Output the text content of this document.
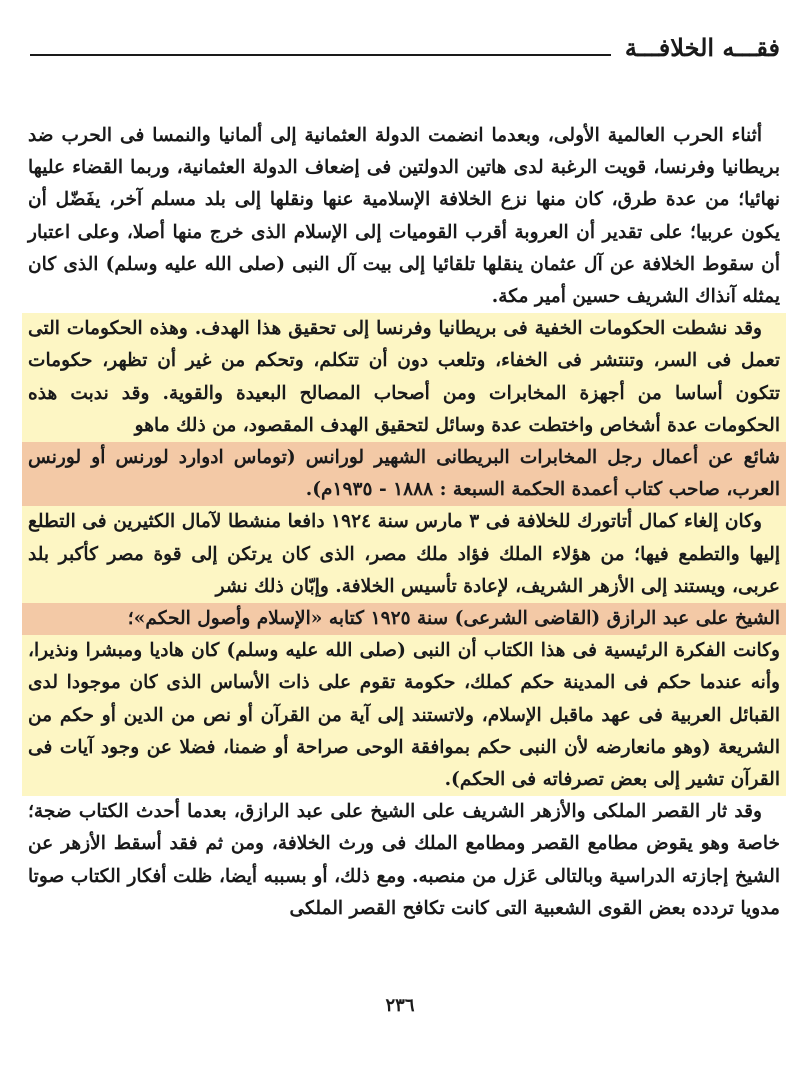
فقـــه الخلافـــة

أثناء الحرب العالمية الأولى، وبعدما انضمت الدولة العثمانية إلى ألمانيا والنمسا فى الحرب ضد بريطانيا وفرنسا، قويت الرغبة لدى هاتين الدولتين فى إضعاف الدولة العثمانية، وربما القضاء عليها نهائيا؛ من عدة طرق، كان منها نزع الخلافة الإسلامية عنها ونقلها إلى بلد مسلم آخر، يفَضّل أن يكون عربيا؛ على تقدير أن العروبة أقرب القوميات إلى الإسلام الذى خرج منها أصلا، وعلى اعتبار أن سقوط الخلافة عن آل عثمان ينقلها تلقائيا إلى بيت آل النبى (صلى الله عليه وسلم) الذى كان يمثله آنذاك الشريف حسين أمير مكة.

وقد نشطت الحكومات الخفية فى بريطانيا وفرنسا إلى تحقيق هذا الهدف. وهذه الحكومات التى تعمل فى السر، وتنتشر فى الخفاء، وتلعب دون أن تتكلم، وتحكم من غير أن تظهر، حكومات تتكون أساسا من أجهزة المخابرات ومن أصحاب المصالح البعيدة والقوية. وقد ندبت هذه الحكومات عدة أشخاص واختطت عدة وسائل لتحقيق الهدف المقصود، من ذلك ماهو

شائع عن أعمال رجل المخابرات البريطانى الشهير لورانس (توماس ادوارد لورنس أو لورنس العرب، صاحب كتاب أعمدة الحكمة السبعة : ١٨٨٨ - ١٩٣٥م).

وكان إلغاء كمال أتاتورك للخلافة فى ٣ مارس سنة ١٩٢٤ دافعا منشطا لآمال الكثيرين فى التطلع إليها والتطمع فيها؛ من هؤلاء الملك فؤاد ملك مصر، الذى كان يرتكن إلى قوة مصر كأكبر بلد عربى، ويستند إلى الأزهر الشريف، لإعادة تأسيس الخلافة. وإبّان ذلك نشر

الشيخ على عبد الرازق (القاضى الشرعى) سنة ١٩٢٥ كتابه «الإسلام وأصول الحكم»؛

وكانت الفكرة الرئيسية فى هذا الكتاب أن النبى (صلى الله عليه وسلم) كان هاديا ومبشرا ونذيرا، وأنه عندما حكم فى المدينة حكم كملك، حكومة تقوم على ذات الأساس الذى كان موجودا لدى القبائل العربية فى عهد ماقبل الإسلام، ولاتستند إلى آية من القرآن أو نص من الدين أو حكم من الشريعة (وهو مانعارضه لأن النبى حكم بموافقة الوحى صراحة أو ضمنا، فضلا عن وجود آيات فى القرآن تشير إلى بعض تصرفاته فى الحكم).

وقد ثار القصر الملكى والأزهر الشريف على الشيخ على عبد الرازق، بعدما أحدث الكتاب ضجة؛ خاصة وهو يقوض مطامع القصر ومطامع الملك فى ورث الخلافة، ومن ثم فقد أسقط الأزهر عن الشيخ إجازته الدراسية وبالتالى عَزل من منصبه. ومع ذلك، أو بسببه أيضا، ظلت أفكار الكتاب صوتا مدويا تردده بعض القوى الشعبية التى كانت تكافح القصر الملكى

٢٣٦
